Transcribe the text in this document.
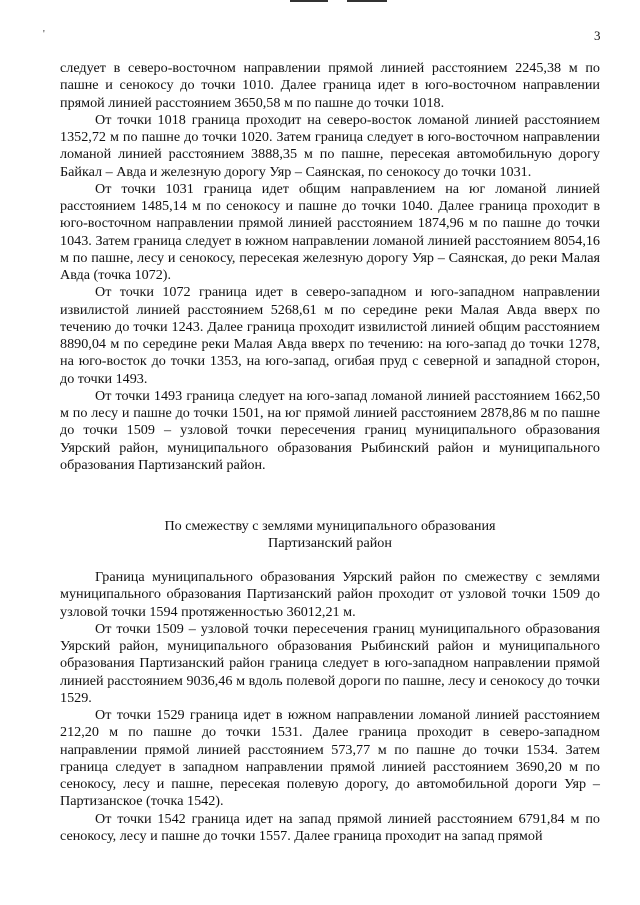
'	3

следует в северо-восточном направлении прямой линией расстоянием 2245,38 м по пашне и сенокосу до точки 1010. Далее граница идет в юго-восточном направлении прямой линией расстоянием 3650,58 м по пашне до точки 1018.

От точки 1018 граница проходит на северо-восток ломаной линией расстоянием 1352,72 м по пашне до точки 1020. Затем граница следует в юго-восточном направлении ломаной линией расстоянием 3888,35 м по пашне, пересекая автомобильную дорогу Байкал – Авда и железную дорогу Уяр – Саянская, по сенокосу до точки 1031.

От точки 1031 граница идет общим направлением на юг ломаной линией расстоянием 1485,14 м по сенокосу и пашне до точки 1040. Далее граница проходит в юго-восточном направлении прямой линией расстоянием 1874,96 м по пашне до точки 1043. Затем граница следует в южном направлении ломаной линией расстоянием 8054,16 м по пашне, лесу и сенокосу, пересекая железную дорогу Уяр – Саянская, до реки Малая Авда (точка 1072).

От точки 1072 граница идет в северо-западном и юго-западном направлении извилистой линией расстоянием 5268,61 м по середине реки Малая Авда вверх по течению до точки 1243. Далее граница проходит извилистой линией общим расстоянием 8890,04 м по середине реки Малая Авда вверх по течению: на юго-запад до точки 1278, на юго-восток до точки 1353, на юго-запад, огибая пруд с северной и западной сторон, до точки 1493.

От точки 1493 граница следует на юго-запад ломаной линией расстоянием 1662,50 м по лесу и пашне до точки 1501, на юг прямой линией расстоянием 2878,86 м по пашне до точки 1509 – узловой точки пересечения границ муниципального образования Уярский район, муниципального образования Рыбинский район и муниципального образования Партизанский район.

По смежеству с землями муниципального образования
Партизанский район

Граница муниципального образования Уярский район по смежеству с землями муниципального образования Партизанский район проходит от узловой точки 1509 до узловой точки 1594 протяженностью 36012,21 м.

От точки 1509 – узловой точки пересечения границ муниципального образования Уярский район, муниципального образования Рыбинский район и муниципального образования Партизанский район граница следует в юго-западном направлении прямой линией расстоянием 9036,46 м вдоль полевой дороги по пашне, лесу и сенокосу до точки 1529.

От точки 1529 граница идет в южном направлении ломаной линией расстоянием 212,20 м по пашне до точки 1531. Далее граница проходит в северо-западном направлении прямой линией расстоянием 573,77 м по пашне до точки 1534. Затем граница следует в западном направлении прямой линией расстоянием 3690,20 м по сенокосу, лесу и пашне, пересекая полевую дорогу, до автомобильной дороги Уяр – Партизанское (точка 1542).

От точки 1542 граница идет на запад прямой линией расстоянием 6791,84 м по сенокосу, лесу и пашне до точки 1557. Далее граница проходит на запад прямой
